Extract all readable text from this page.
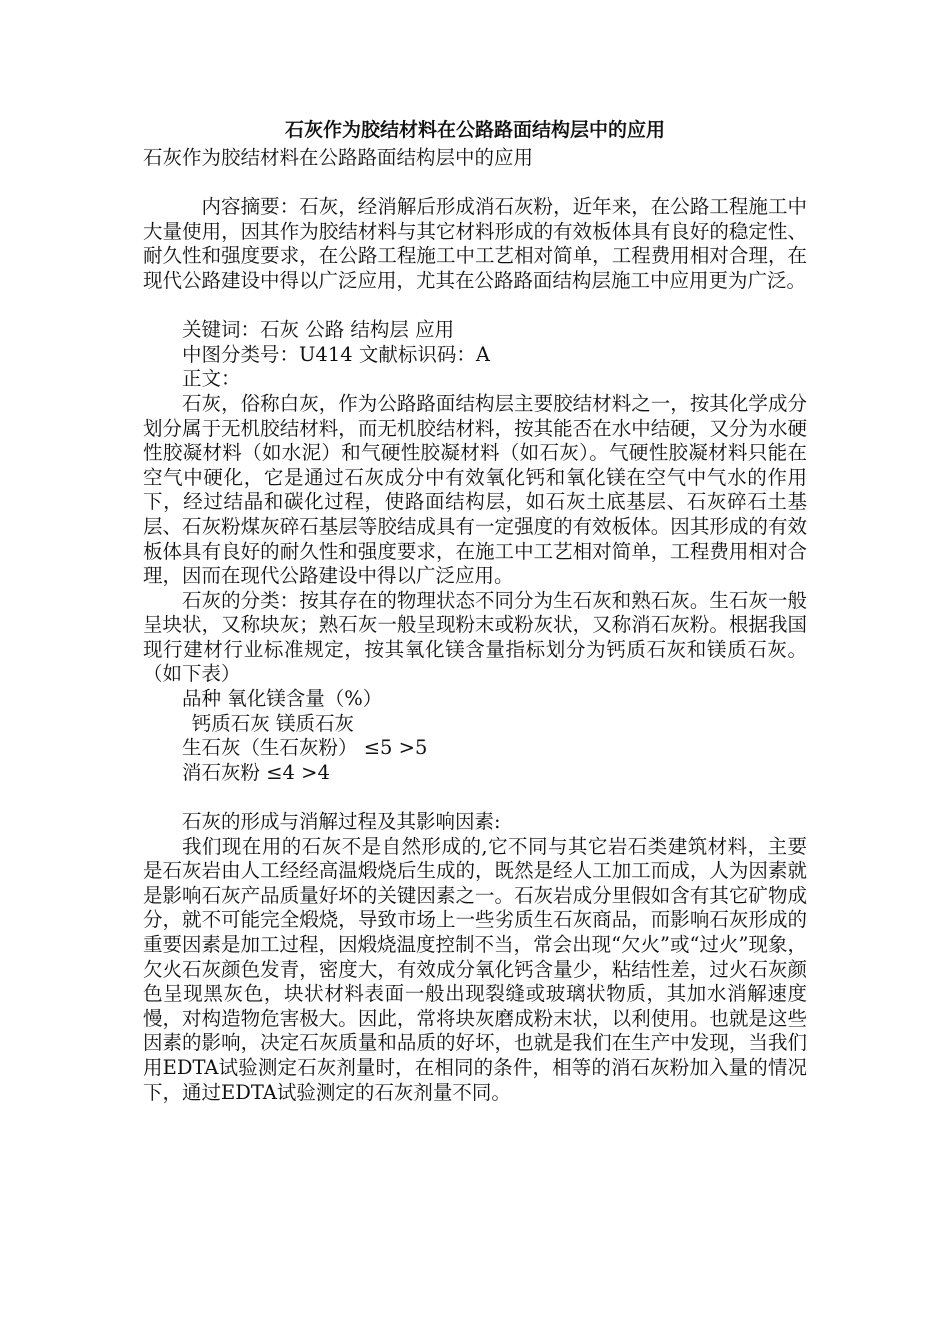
石灰作为胶结材料在公路路面结构层中的应用

石灰作为胶结材料在公路路面结构层中的应用

内容摘要：石灰，经消解后形成消石灰粉，近年来，在公路工程施工中大量使用，因其作为胶结材料与其它材料形成的有效板体具有良好的稳定性、耐久性和强度要求，在公路工程施工中工艺相对简单，工程费用相对合理，在现代公路建设中得以广泛应用，尤其在公路路面结构层施工中应用更为广泛。

关键词：石灰 公路 结构层 应用

中图分类号：U414 文献标识码：A

正文：

石灰，俗称白灰，作为公路路面结构层主要胶结材料之一，按其化学成分划分属于无机胶结材料，而无机胶结材料，按其能否在水中结硬，又分为水硬性胶凝材料（如水泥）和气硬性胶凝材料（如石灰）。气硬性胶凝材料只能在空气中硬化，它是通过石灰成分中有效氧化钙和氧化镁在空气中气水的作用下，经过结晶和碳化过程，使路面结构层，如石灰土底基层、石灰碎石土基层、石灰粉煤灰碎石基层等胶结成具有一定强度的有效板体。因其形成的有效板体具有良好的耐久性和强度要求，在施工中工艺相对简单，工程费用相对合理，因而在现代公路建设中得以广泛应用。

石灰的分类：按其存在的物理状态不同分为生石灰和熟石灰。生石灰一般呈块状，又称块灰；熟石灰一般呈现粉末或粉灰状，又称消石灰粉。根据我国现行建材行业标准规定，按其氧化镁含量指标划分为钙质石灰和镁质石灰。（如下表）

品种 氧化镁含量（%）

钙质石灰 镁质石灰

生石灰（生石灰粉） ≤5 >5

消石灰粉 ≤4 >4

石灰的形成与消解过程及其影响因素:

我们现在用的石灰不是自然形成的,它不同与其它岩石类建筑材料，主要是石灰岩由人工经经高温煅烧后生成的，既然是经人工加工而成，人为因素就是影响石灰产品质量好坏的关键因素之一。石灰岩成分里假如含有其它矿物成分，就不可能完全煅烧，导致市场上一些劣质生石灰商品，而影响石灰形成的重要因素是加工过程，因煅烧温度控制不当，常会出现“欠火”或“过火”现象，欠火石灰颜色发青，密度大，有效成分氧化钙含量少，粘结性差，过火石灰颜色呈现黑灰色，块状材料表面一般出现裂缝或玻璃状物质，其加水消解速度慢，对构造物危害极大。因此，常将块灰磨成粉末状，以利使用。也就是这些因素的影响，决定石灰质量和品质的好坏，也就是我们在生产中发现，当我们用EDTA试验测定石灰剂量时，在相同的条件，相等的消石灰粉加入量的情况下，通过EDTA试验测定的石灰剂量不同。
